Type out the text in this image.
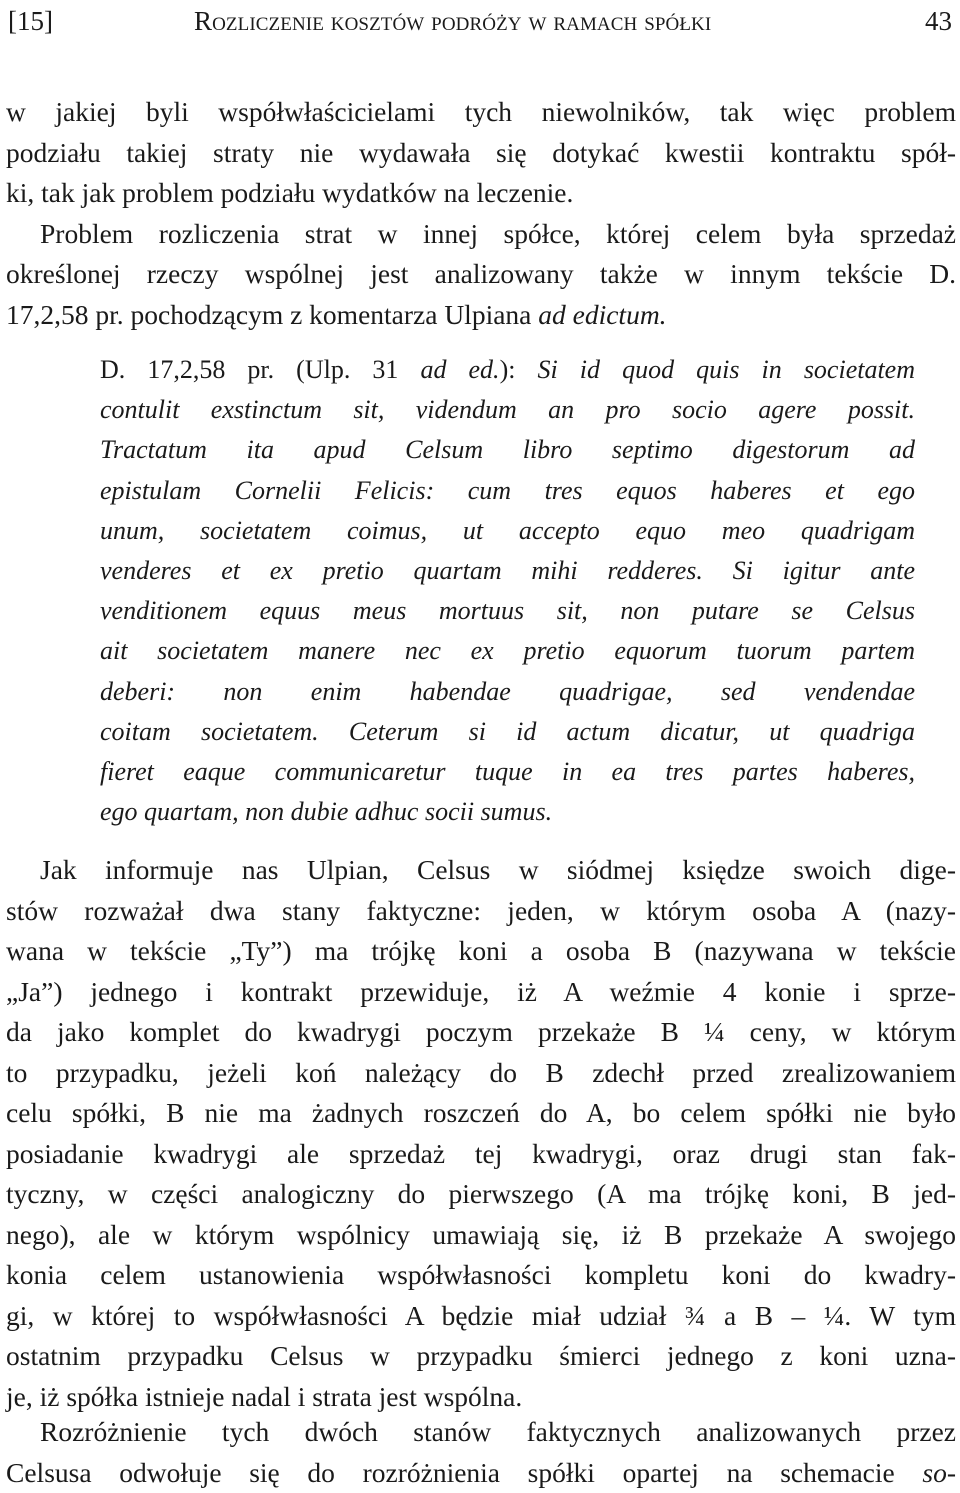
[15]	Rozliczenie kosztów podróży w ramach spółki	43
w jakiej byli współwłaścicielami tych niewolników, tak więc problem
podziału takiej straty nie wydawała się dotykać kwestii kontraktu spół-
ki, tak jak problem podziału wydatków na leczenie.
Problem rozliczenia strat w innej spółce, której celem była sprzedaż
określonej rzeczy wspólnej jest analizowany także w innym tekście D.
17,2,58 pr. pochodzącym z komentarza Ulpiana ad edictum.
D. 17,2,58 pr. (Ulp. 31 ad ed.): Si id quod quis in societatem
contulit exstinctum sit, videndum an pro socio agere possit.
Tractatum ita apud Celsum libro septimo digestorum ad
epistulam Cornelii Felicis: cum tres equos haberes et ego
unum, societatem coimus, ut accepto equo meo quadrigam
venderes et ex pretio quartam mihi redderes. Si igitur ante
venditionem equus meus mortuus sit, non putare se Celsus
ait societatem manere nec ex pretio equorum tuorum partem
deberi: non enim habendae quadrigae, sed vendendae
coitam societatem. Ceterum si id actum dicatur, ut quadriga
fieret eaque communicaretur tuque in ea tres partes haberes,
ego quartam, non dubie adhuc socii sumus.
Jak informuje nas Ulpian, Celsus w siódmej księdze swoich dige-
stów rozważał dwa stany faktyczne: jeden, w którym osoba A (nazy-
wana w tekście „Ty”) ma trójkę koni a osoba B (nazywana w tekście
„Ja”) jednego i kontrakt przewiduje, iż A weźmie 4 konie i sprze-
da jako komplet do kwadrygi poczym przekaże B ¼ ceny, w którym
to przypadku, jeżeli koń należący do B zdechł przed zrealizowaniem
celu spółki, B nie ma żadnych roszczeń do A, bo celem spółki nie było
posiadanie kwadrygi ale sprzedaż tej kwadrygi, oraz drugi stan fak-
tyczny, w części analogiczny do pierwszego (A ma trójkę koni, B jed-
nego), ale w którym wspólnicy umawiają się, iż B przekaże A swojego
konia celem ustanowienia współwłasności kompletu koni do kwadry-
gi, w której to współwłasności A będzie miał udział ¾ a B – ¼. W tym
ostatnim przypadku Celsus w przypadku śmierci jednego z koni uzna-
je, iż spółka istnieje nadal i strata jest wspólna.
Rozróżnienie tych dwóch stanów faktycznych analizowanych przez
Celsusa odwołuje się do rozróżnienia spółki opartej na schemacie so-
